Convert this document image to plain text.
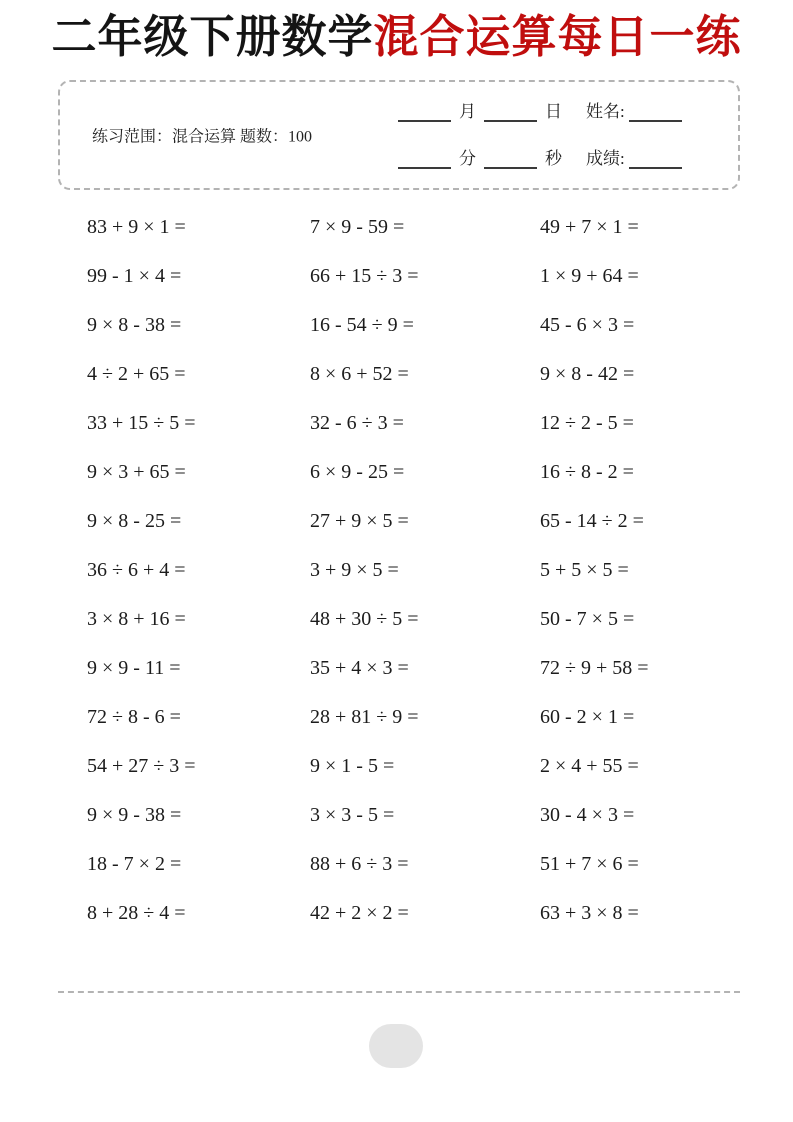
二年级下册数学混合运算每日一练
练习范围：混合运算 题数：100
月	日 姓名:
分	秒 成绩:
83 + 9 × 1 =	7 × 9 - 59 =	49 + 7 × 1 =
99 - 1 × 4 =	66 + 15 ÷ 3 =	1 × 9 + 64 =
9 × 8 - 38 =	16 - 54 ÷ 9 =	45 - 6 × 3 =
4 ÷ 2 + 65 =	8 × 6 + 52 =	9 × 8 - 42 =
33 + 15 ÷ 5 =	32 - 6 ÷ 3 =	12 ÷ 2 - 5 =
9 × 3 + 65 =	6 × 9 - 25 =	16 ÷ 8 - 2 =
9 × 8 - 25 =	27 + 9 × 5 =	65 - 14 ÷ 2 =
36 ÷ 6 + 4 =	3 + 9 × 5 =	5 + 5 × 5 =
3 × 8 + 16 =	48 + 30 ÷ 5 =	50 - 7 × 5 =
9 × 9 - 11 =	35 + 4 × 3 =	72 ÷ 9 + 58 =
72 ÷ 8 - 6 =	28 + 81 ÷ 9 =	60 - 2 × 1 =
54 + 27 ÷ 3 =	9 × 1 - 5 =	2 × 4 + 55 =
9 × 9 - 38 =	3 × 3 - 5 =	30 - 4 × 3 =
18 - 7 × 2 =	88 + 6 ÷ 3 =	51 + 7 × 6 =
8 + 28 ÷ 4 =	42 + 2 × 2 =	63 + 3 × 8 =
